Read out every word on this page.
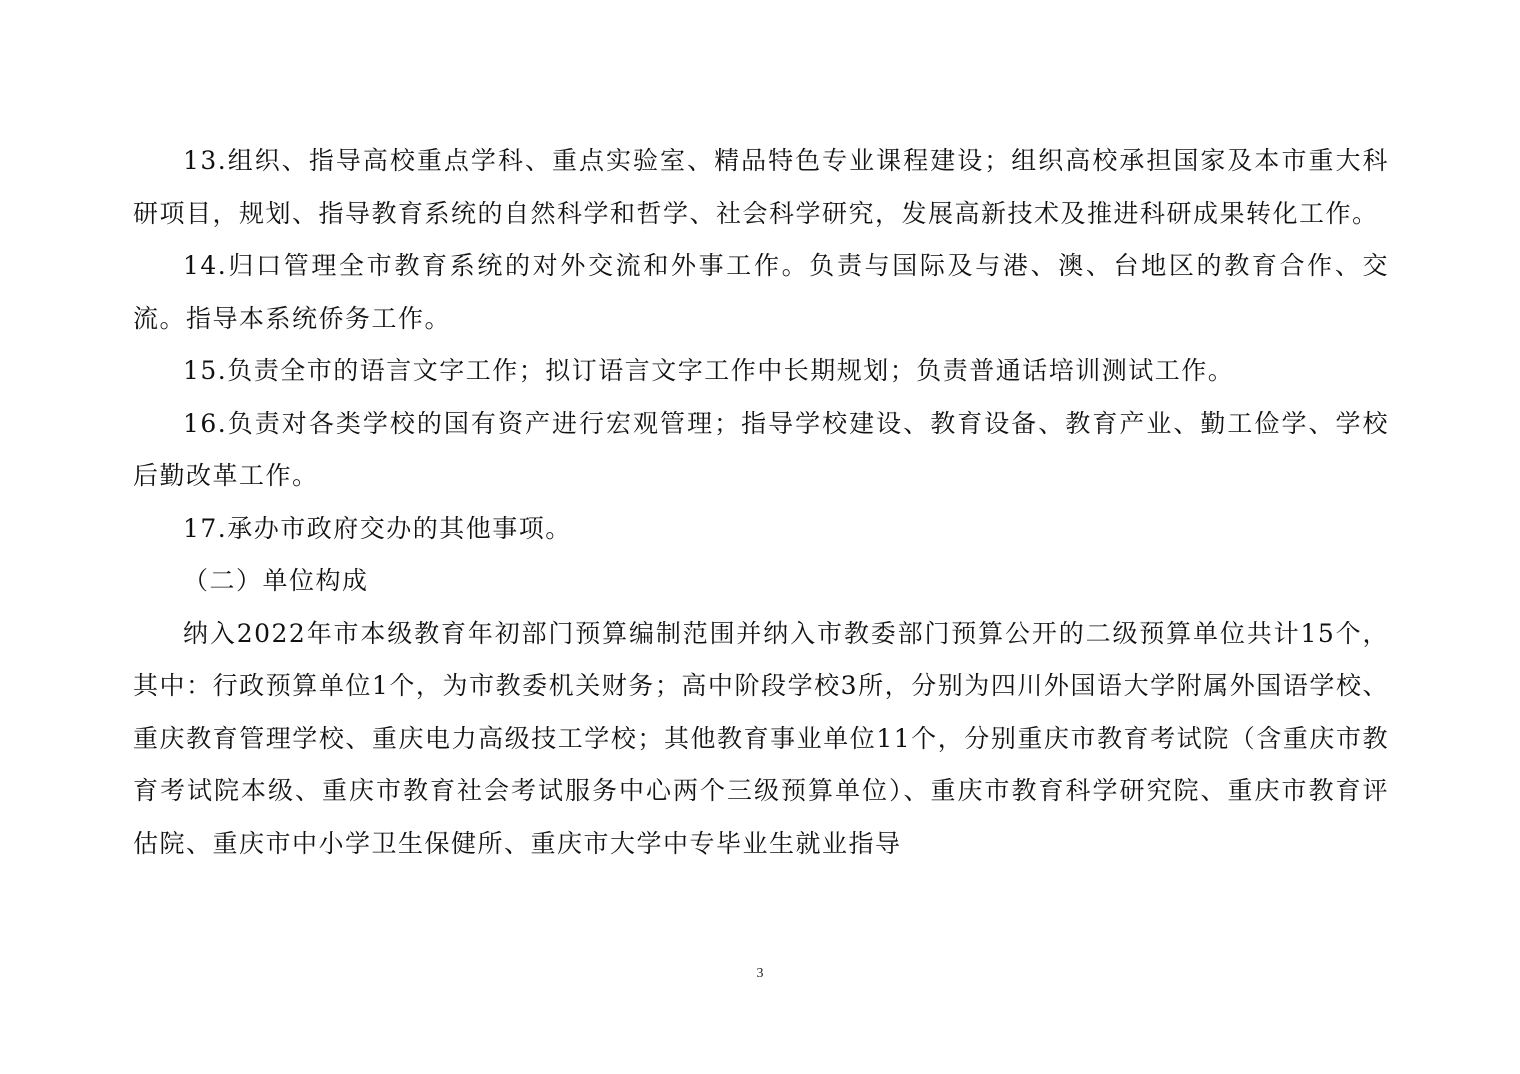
13.组织、指导高校重点学科、重点实验室、精品特色专业课程建设；组织高校承担国家及本市重大科研项目，规划、指导教育系统的自然科学和哲学、社会科学研究，发展高新技术及推进科研成果转化工作。

14.归口管理全市教育系统的对外交流和外事工作。负责与国际及与港、澳、台地区的教育合作、交流。指导本系统侨务工作。

15.负责全市的语言文字工作；拟订语言文字工作中长期规划；负责普通话培训测试工作。

16.负责对各类学校的国有资产进行宏观管理；指导学校建设、教育设备、教育产业、勤工俭学、学校后勤改革工作。

17.承办市政府交办的其他事项。

（二）单位构成

纳入2022年市本级教育年初部门预算编制范围并纳入市教委部门预算公开的二级预算单位共计15个，其中：行政预算单位1个，为市教委机关财务；高中阶段学校3所，分别为四川外国语大学附属外国语学校、重庆教育管理学校、重庆电力高级技工学校；其他教育事业单位11个，分别重庆市教育考试院（含重庆市教育考试院本级、重庆市教育社会考试服务中心两个三级预算单位）、重庆市教育科学研究院、重庆市教育评估院、重庆市中小学卫生保健所、重庆市大学中专毕业生就业指导

3
